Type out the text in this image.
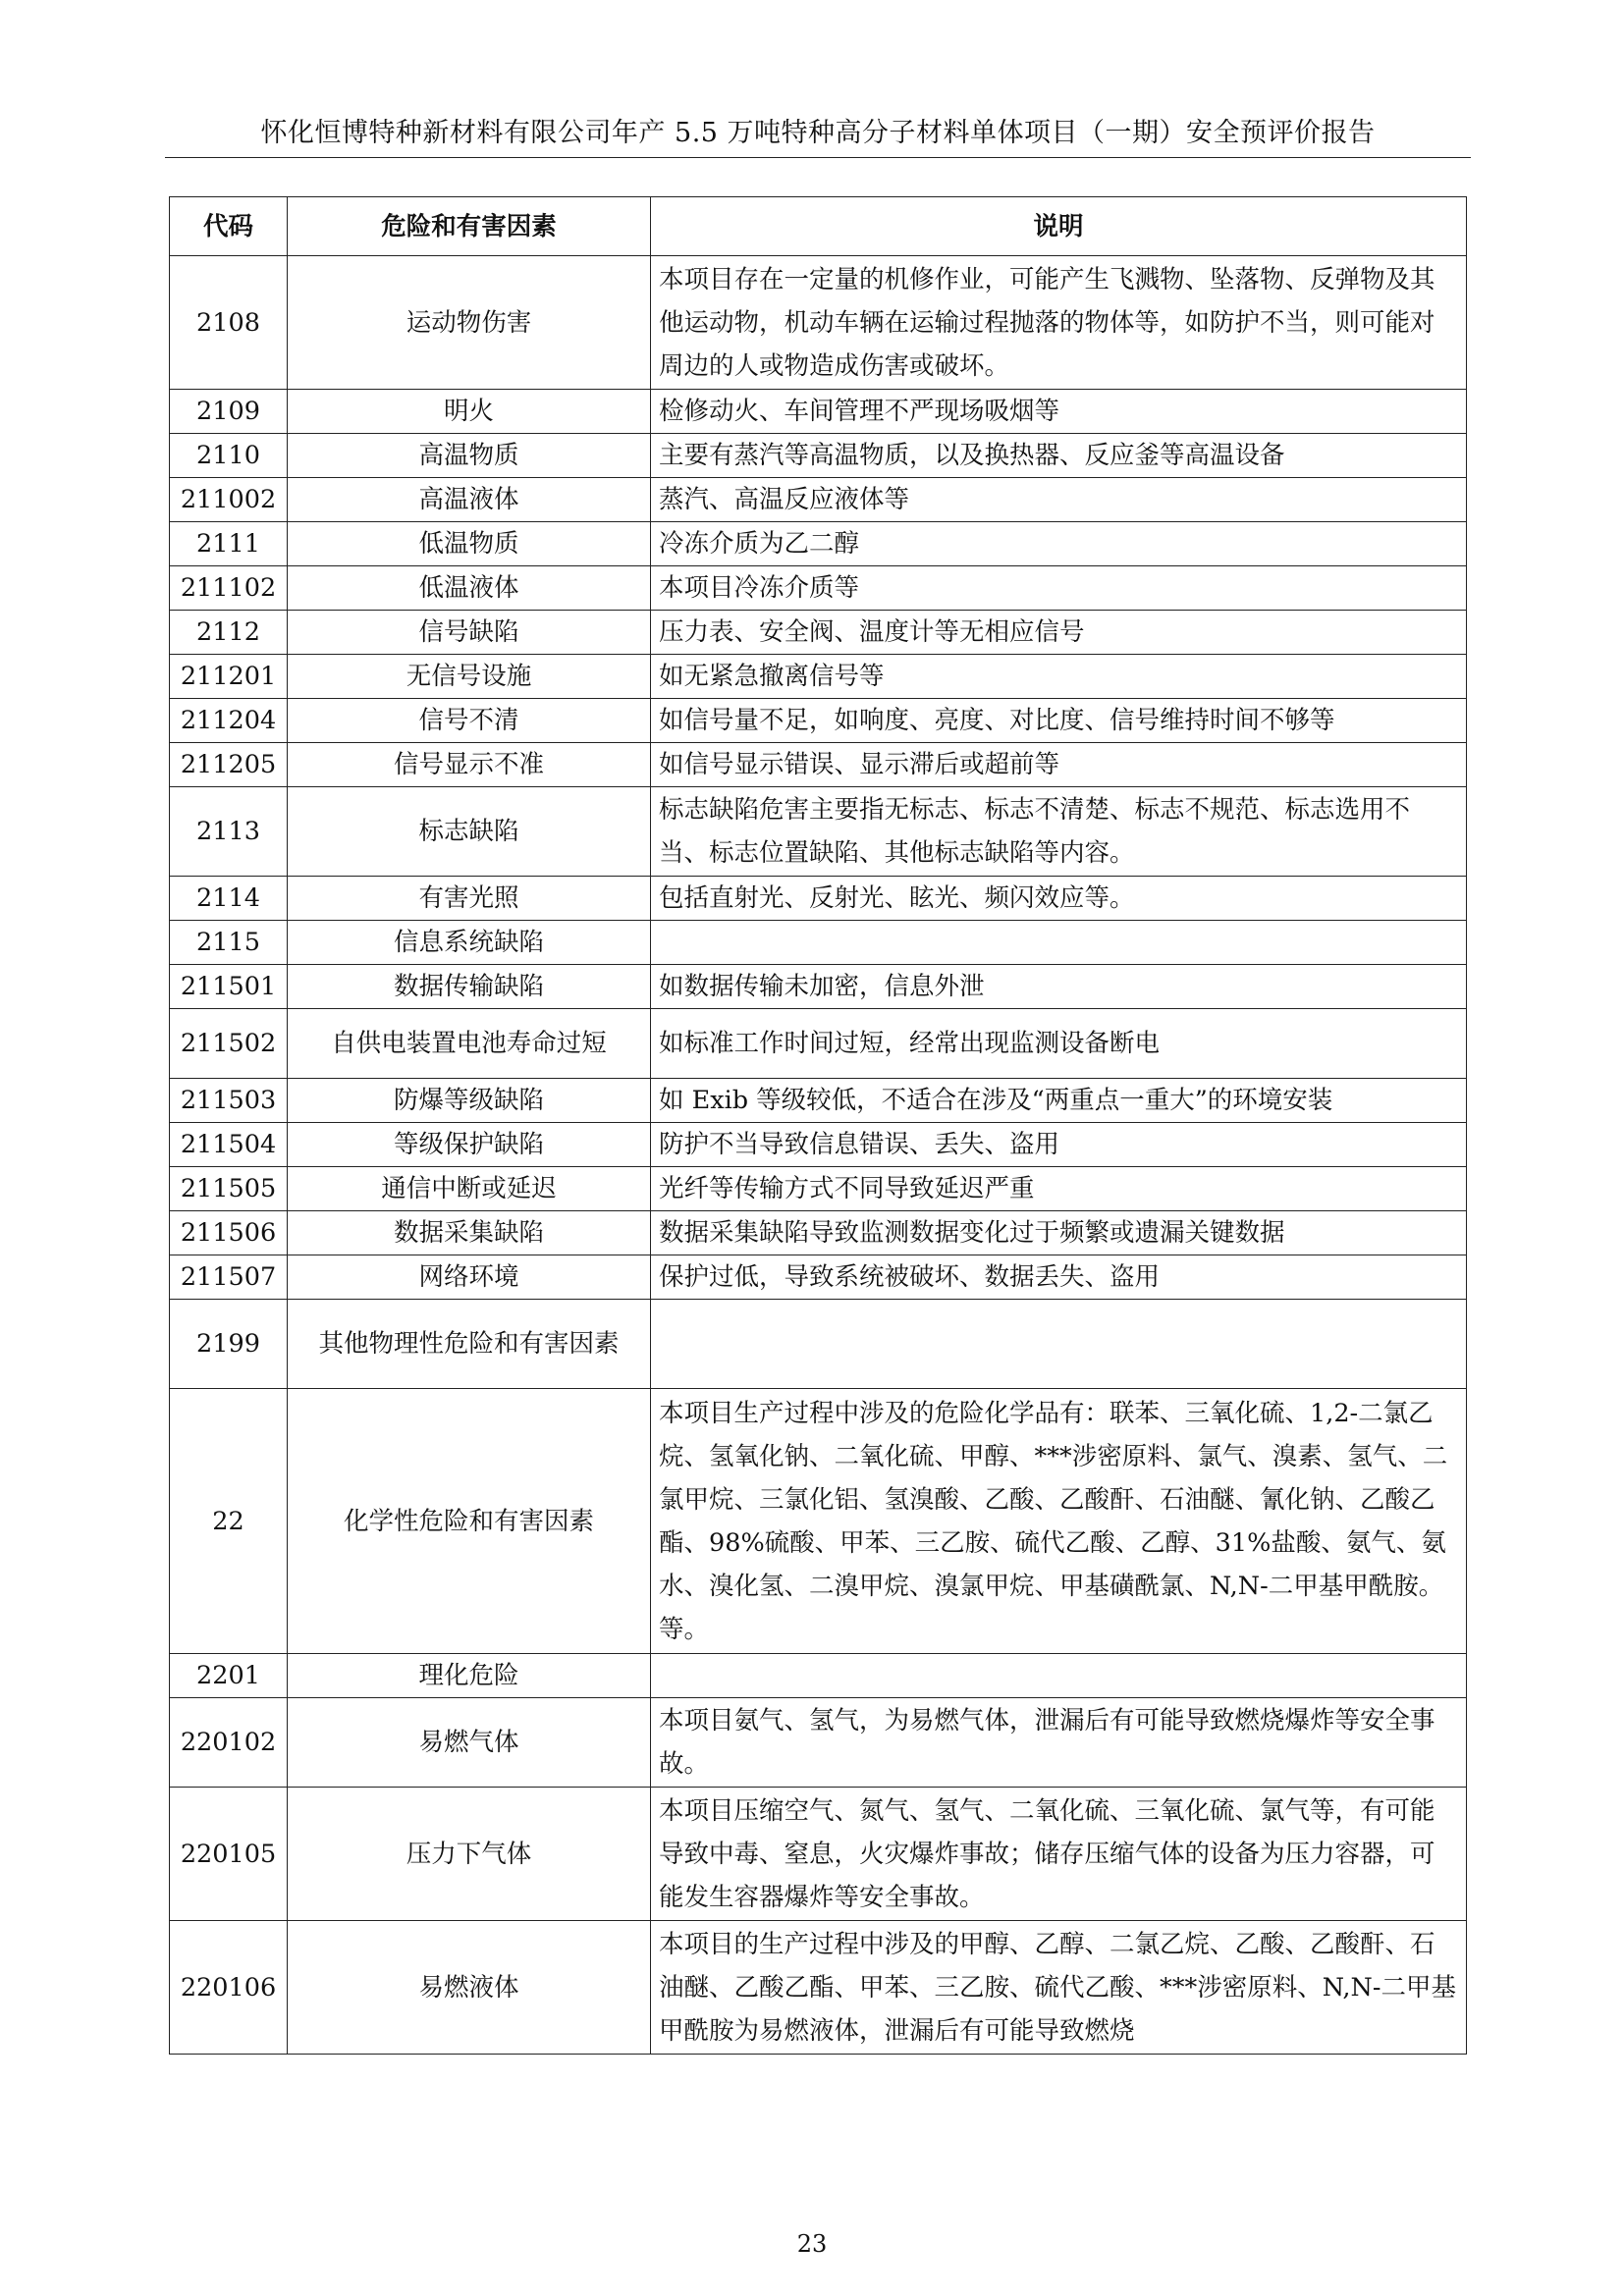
怀化恒博特种新材料有限公司年产 5.5 万吨特种高分子材料单体项目（一期）安全预评价报告
代码	危险和有害因素	说明
2108	运动物伤害	本项目存在一定量的机修作业，可能产生飞溅物、坠落物、反弹物及其他运动物，机动车辆在运输过程抛落的物体等，如防护不当，则可能对周边的人或物造成伤害或破坏。
2109	明火	检修动火、车间管理不严现场吸烟等
2110	高温物质	主要有蒸汽等高温物质，以及换热器、反应釜等高温设备
211002	高温液体	蒸汽、高温反应液体等
2111	低温物质	冷冻介质为乙二醇
211102	低温液体	本项目冷冻介质等
2112	信号缺陷	压力表、安全阀、温度计等无相应信号
211201	无信号设施	如无紧急撤离信号等
211204	信号不清	如信号量不足，如响度、亮度、对比度、信号维持时间不够等
211205	信号显示不准	如信号显示错误、显示滞后或超前等
2113	标志缺陷	标志缺陷危害主要指无标志、标志不清楚、标志不规范、标志选用不当、标志位置缺陷、其他标志缺陷等内容。
2114	有害光照	包括直射光、反射光、眩光、频闪效应等。
2115	信息系统缺陷	
211501	数据传输缺陷	如数据传输未加密，信息外泄
211502	自供电装置电池寿命过短	如标准工作时间过短，经常出现监测设备断电
211503	防爆等级缺陷	如 Exib 等级较低，不适合在涉及“两重点一重大”的环境安装
211504	等级保护缺陷	防护不当导致信息错误、丢失、盗用
211505	通信中断或延迟	光纤等传输方式不同导致延迟严重
211506	数据采集缺陷	数据采集缺陷导致监测数据变化过于频繁或遗漏关键数据
211507	网络环境	保护过低，导致系统被破坏、数据丢失、盗用
2199	其他物理性危险和有害因素	
22	化学性危险和有害因素	本项目生产过程中涉及的危险化学品有：联苯、三氧化硫、1,2-二氯乙烷、氢氧化钠、二氧化硫、甲醇、***涉密原料、氯气、溴素、氢气、二氯甲烷、三氯化铝、氢溴酸、乙酸、乙酸酐、石油醚、氰化钠、乙酸乙酯、98%硫酸、甲苯、三乙胺、硫代乙酸、乙醇、31%盐酸、氨气、氨水、溴化氢、二溴甲烷、溴氯甲烷、甲基磺酰氯、N,N-二甲基甲酰胺。等。
2201	理化危险	
220102	易燃气体	本项目氨气、氢气，为易燃气体，泄漏后有可能导致燃烧爆炸等安全事故。
220105	压力下气体	本项目压缩空气、氮气、氢气、二氧化硫、三氧化硫、氯气等，有可能导致中毒、窒息，火灾爆炸事故；储存压缩气体的设备为压力容器，可能发生容器爆炸等安全事故。
220106	易燃液体	本项目的生产过程中涉及的甲醇、乙醇、二氯乙烷、乙酸、乙酸酐、石油醚、乙酸乙酯、甲苯、三乙胺、硫代乙酸、***涉密原料、N,N-二甲基甲酰胺为易燃液体，泄漏后有可能导致燃烧
23
